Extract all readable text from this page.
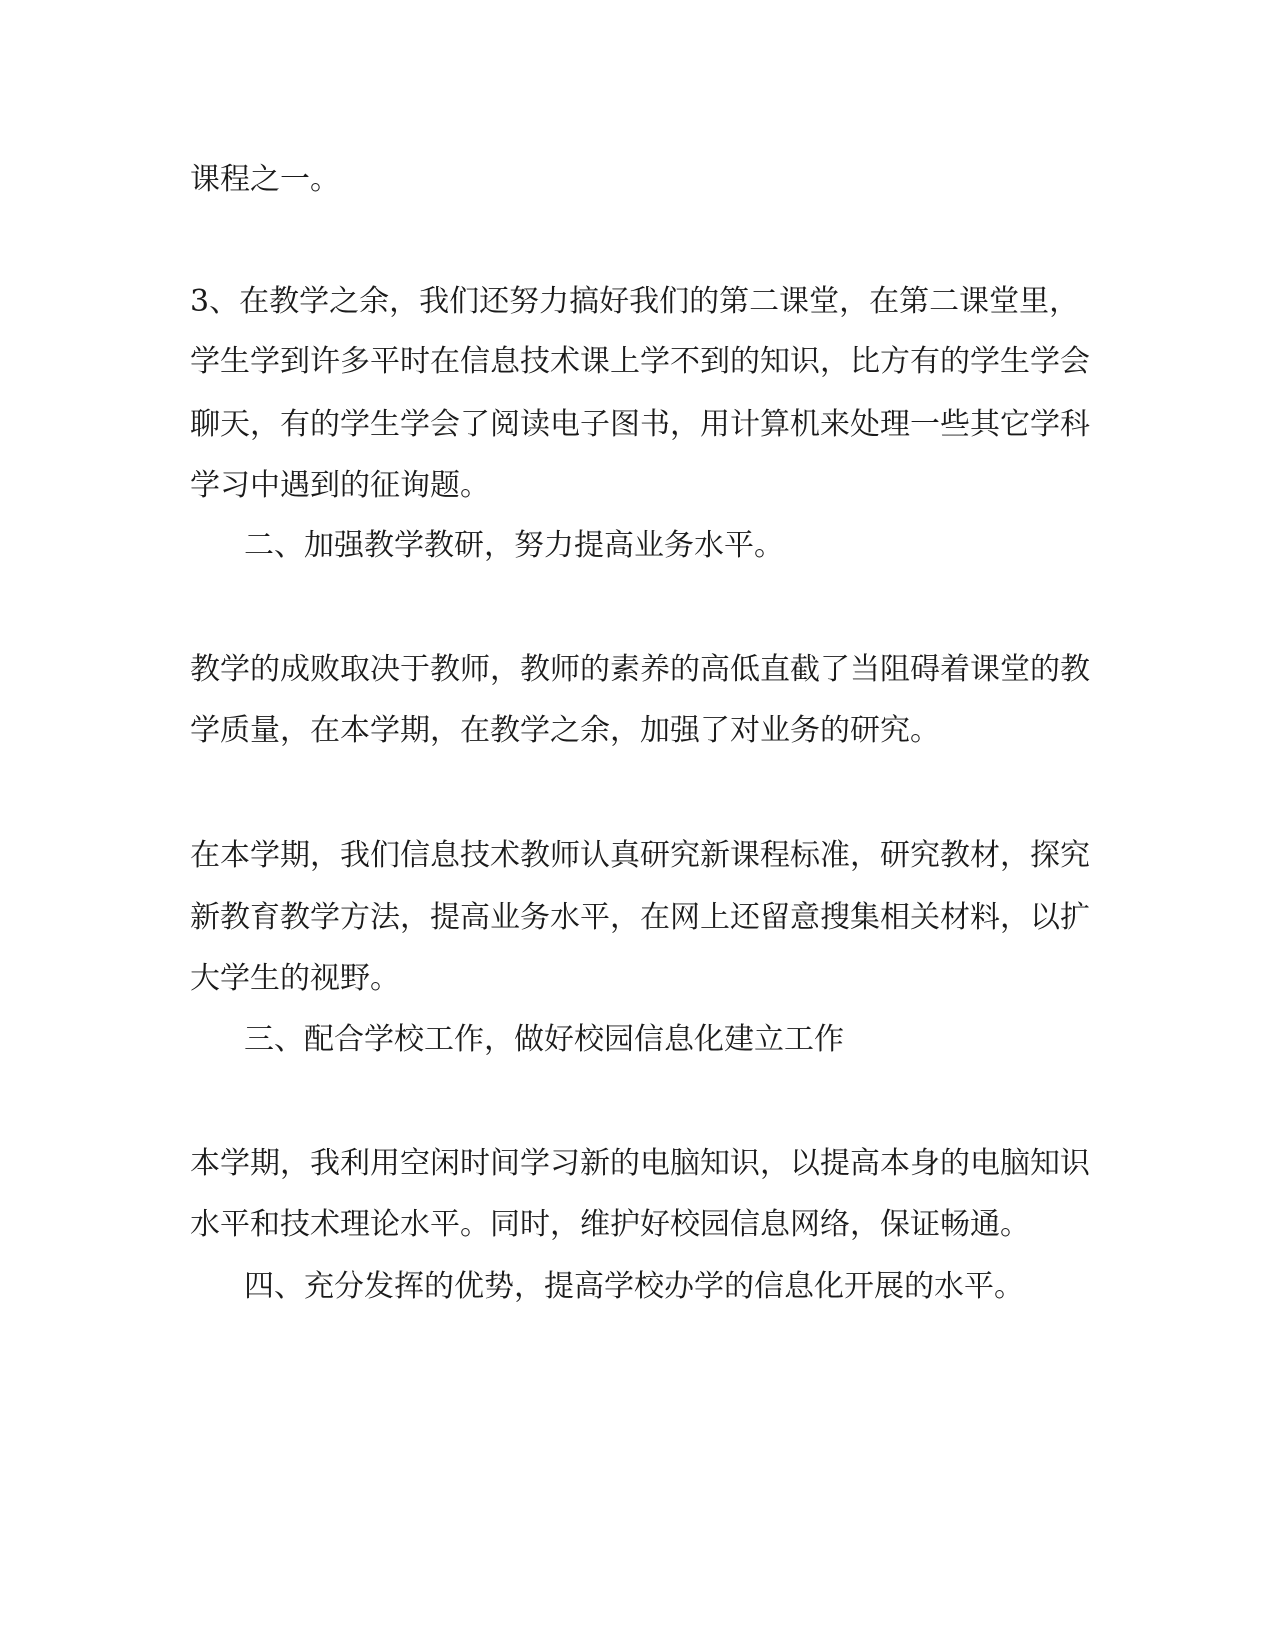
课程之一。
3、在教学之余，我们还努力搞好我们的第二课堂，在第二课堂里，
学生学到许多平时在信息技术课上学不到的知识，比方有的学生学会
聊天，有的学生学会了阅读电子图书，用计算机来处理一些其它学科
学习中遇到的征询题。
二、加强教学教研，努力提高业务水平。
教学的成败取决于教师，教师的素养的高低直截了当阻碍着课堂的教
学质量，在本学期，在教学之余，加强了对业务的研究。
在本学期，我们信息技术教师认真研究新课程标准，研究教材，探究
新教育教学方法，提高业务水平，在网上还留意搜集相关材料，以扩
大学生的视野。
三、配合学校工作，做好校园信息化建立工作
本学期，我利用空闲时间学习新的电脑知识，以提高本身的电脑知识
水平和技术理论水平。同时，维护好校园信息网络，保证畅通。
四、充分发挥的优势，提高学校办学的信息化开展的水平。
